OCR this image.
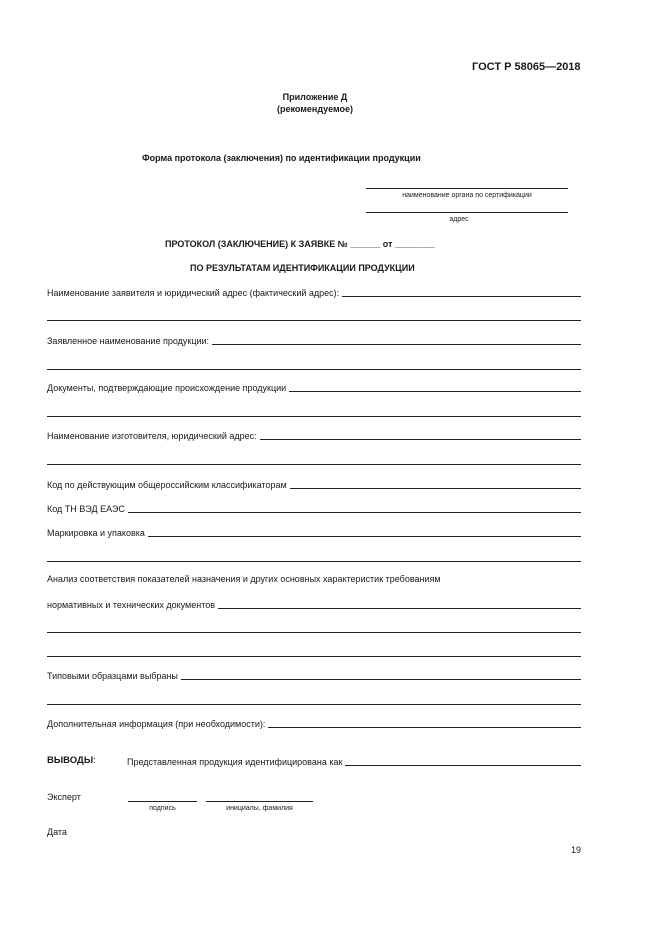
ГОСТ Р 58065—2018
Приложение Д
(рекомендуемое)
Форма протокола (заключения) по идентификации продукции
наименование органа по сертификации
адрес
ПРОТОКОЛ (ЗАКЛЮЧЕНИЕ) К ЗАЯВКЕ № ______ от ________
ПО РЕЗУЛЬТАТАМ ИДЕНТИФИКАЦИИ ПРОДУКЦИИ
Наименование заявителя и юридический адрес (фактический адрес):
Заявленное наименование продукции:
Документы, подтверждающие происхождение продукции
Наименование изготовителя, юридический адрес:
Код по действующим общероссийским классификаторам
Код ТН ВЭД ЕАЭС
Маркировка и упаковка
Анализ соответствия показателей назначения и других основных характеристик требованиям
нормативных и технических документов
Типовыми образцами выбраны
Дополнительная информация (при необходимости):
ВЫВОДЫ:	Представленная продукция идентифицирована как
Эксперт
подпись	инициалы, фамилия
Дата
19
